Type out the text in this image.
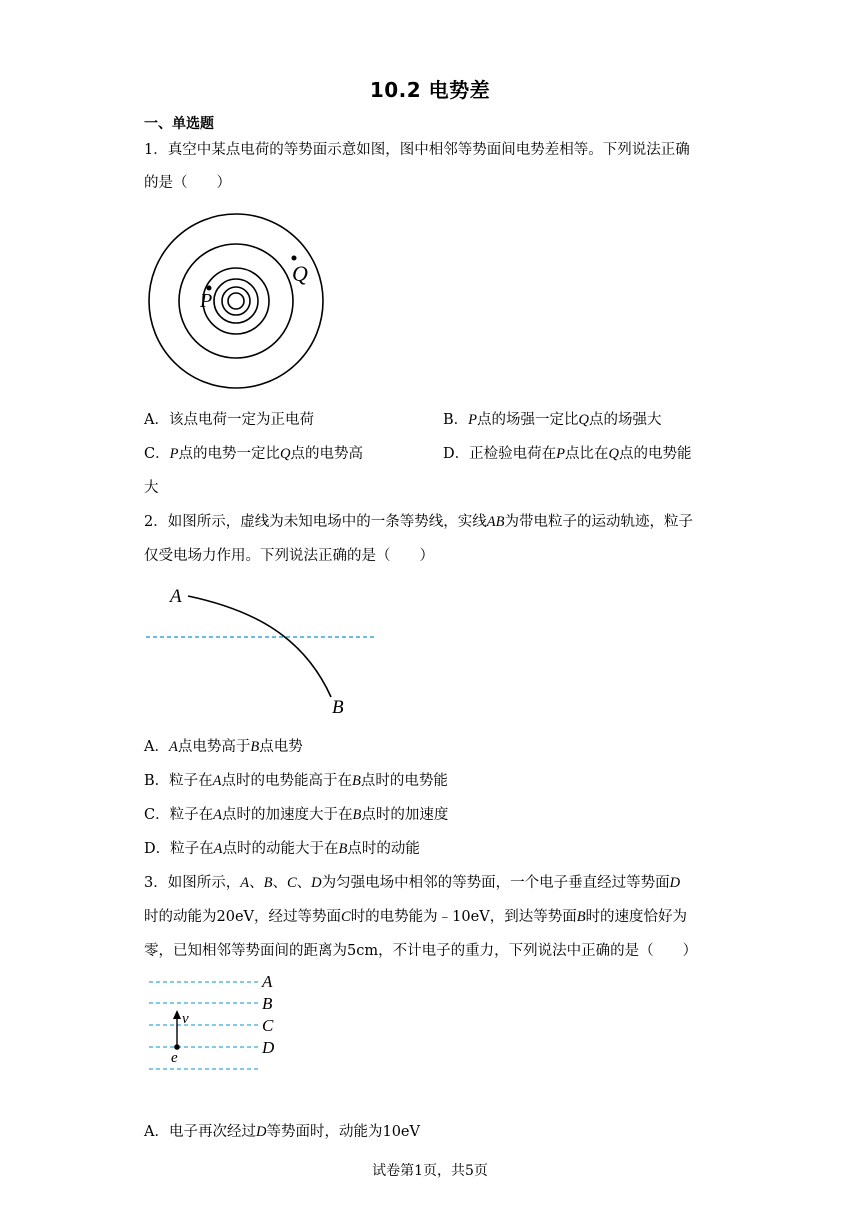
10.2 电势差
一、单选题
1．真空中某点电荷的等势面示意如图，图中相邻等势面间电势差相等。下列说法正确
的是（　　）
P
Q
A．该点电荷一定为正电荷	B．P点的场强一定比Q点的场强大
C．P点的电势一定比Q点的电势高	D．正检验电荷在P点比在Q点的电势能
大
2．如图所示，虚线为未知电场中的一条等势线，实线AB为带电粒子的运动轨迹，粒子
仅受电场力作用。下列说法正确的是（　　）
A
B
A．A点电势高于B点电势
B．粒子在A点时的电势能高于在B点时的电势能
C．粒子在A点时的加速度大于在B点时的加速度
D．粒子在A点时的动能大于在B点时的动能
3．如图所示，A、B、C、D为匀强电场中相邻的等势面，一个电子垂直经过等势面D
时的动能为20eV，经过等势面C时的电势能为﹣10eV，到达等势面B时的速度恰好为
零，已知相邻等势面间的距离为5cm，不计电子的重力，下列说法中正确的是（　　）
A
B
C
D
v
e
A．电子再次经过D等势面时，动能为10eV
试卷第1页，共5页
